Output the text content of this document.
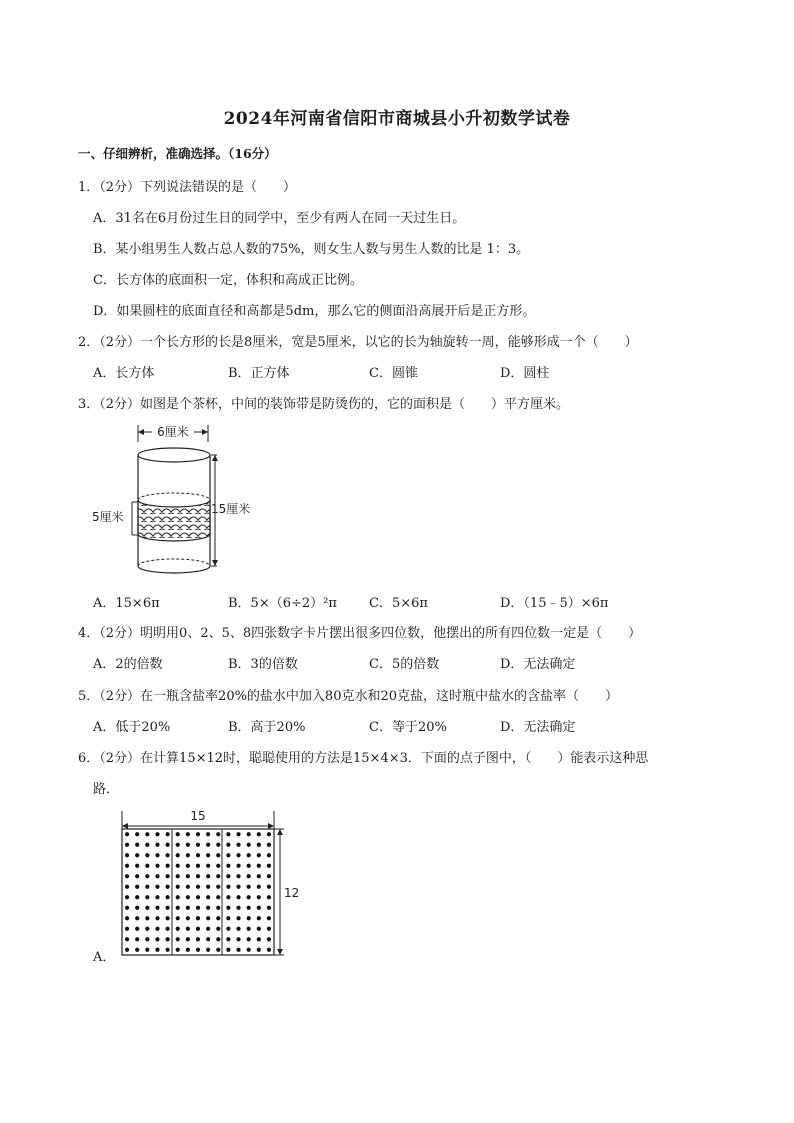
2024年河南省信阳市商城县小升初数学试卷
一、仔细辨析，准确选择。（16分）
1．（2分）下列说法错误的是（　　）
A．31名在6月份过生日的同学中，至少有两人在同一天过生日。
B．某小组男生人数占总人数的75%，则女生人数与男生人数的比是 1：3。
C．长方体的底面积一定，体积和高成正比例。
D．如果圆柱的底面直径和高都是5dm，那么它的侧面沿高展开后是正方形。
2．（2分）一个长方形的长是8厘米，宽是5厘米，以它的长为轴旋转一周，能够形成一个（　　）
A．长方体	B．正方体	C．圆锥	D．圆柱
3．（2分）如图是个茶杯，中间的装饰带是防烫伤的，它的面积是（　　）平方厘米。
6厘米
5厘米
15厘米
A．15×6π	B．5×（6÷2）²π C．5×6π	D．（15﹣5）×6π
4．（2分）明明用0、2、5、8四张数字卡片摆出很多四位数，他摆出的所有四位数一定是（　　）
A．2的倍数	B．3的倍数	C．5的倍数	D．无法确定
5．（2分）在一瓶含盐率20%的盐水中加入80克水和20克盐，这时瓶中盐水的含盐率（　　）
A．低于20%	B．高于20%	C．等于20%	D．无法确定
6．（2分）在计算15×12时，聪聪使用的方法是15×4×3．下面的点子图中，（　　）能表示这种思
路．
15
12
A．
